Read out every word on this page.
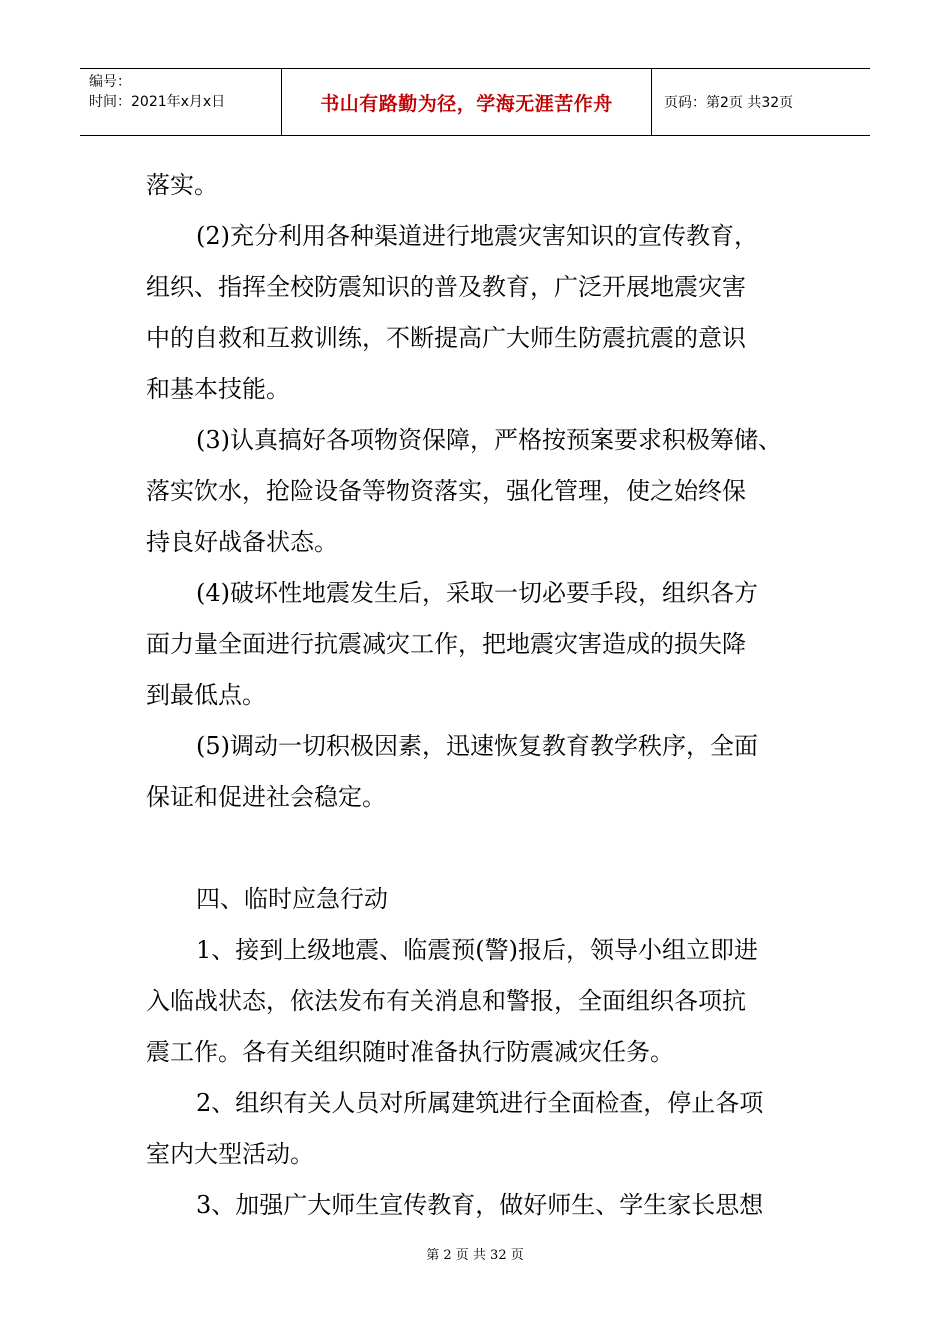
编号：
时间：2021年x月x日	书山有路勤为径，学海无涯苦作舟	页码：第2页 共32页
落实。
(2)充分利用各种渠道进行地震灾害知识的宣传教育，
组织、指挥全校防震知识的普及教育，广泛开展地震灾害
中的自救和互救训练，不断提高广大师生防震抗震的意识
和基本技能。
(3)认真搞好各项物资保障，严格按预案要求积极筹储、
落实饮水，抢险设备等物资落实，强化管理，使之始终保
持良好战备状态。
(4)破坏性地震发生后，采取一切必要手段，组织各方
面力量全面进行抗震减灾工作，把地震灾害造成的损失降
到最低点。
(5)调动一切积极因素，迅速恢复教育教学秩序，全面
保证和促进社会稳定。
四、临时应急行动
1、接到上级地震、临震预(警)报后，领导小组立即进
入临战状态，依法发布有关消息和警报，全面组织各项抗
震工作。各有关组织随时准备执行防震减灾任务。
2、组织有关人员对所属建筑进行全面检查，停止各项
室内大型活动。
3、加强广大师生宣传教育，做好师生、学生家长思想
第 2 页 共 32 页
